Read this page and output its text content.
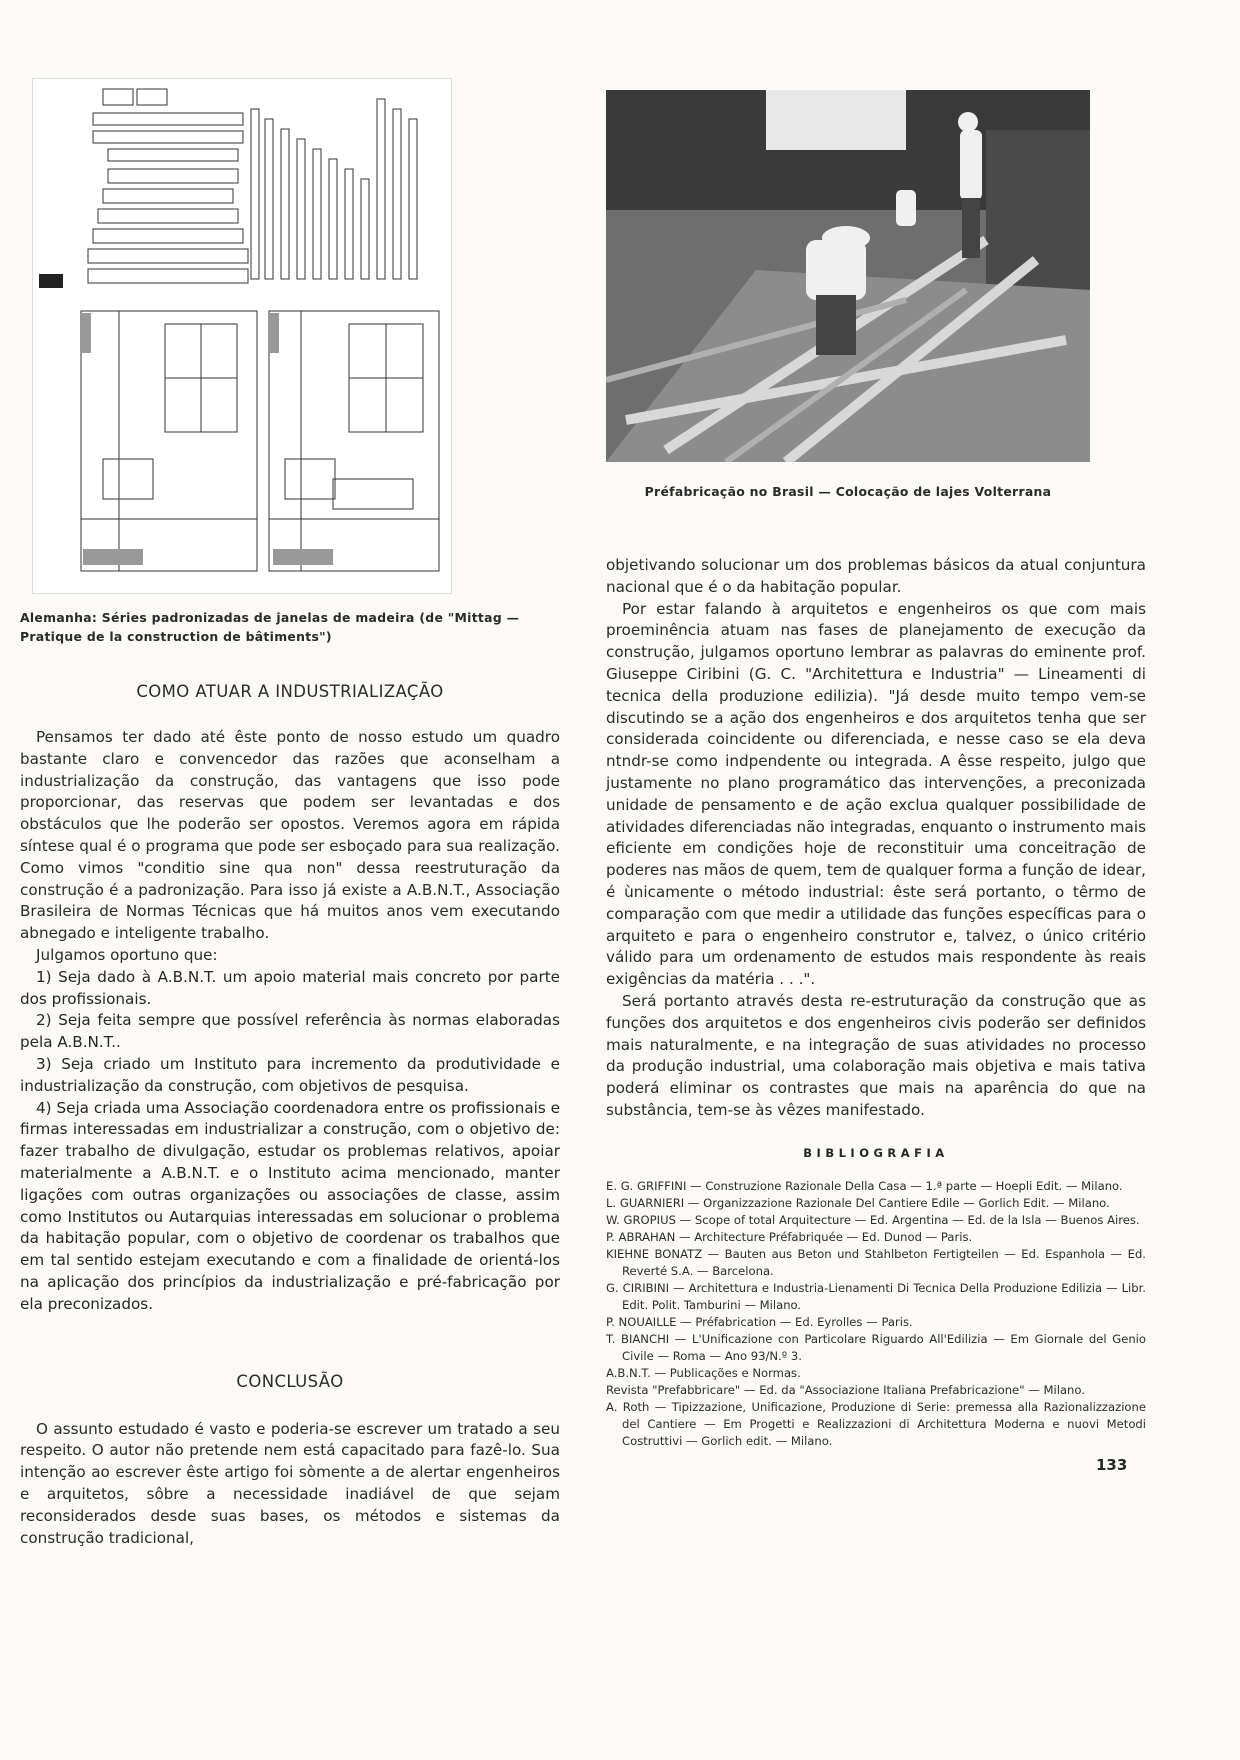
Alemanha: Séries padronizadas de janelas de madeira (de "Mittag — Pratique de la construction de bâtiments")
COMO ATUAR A INDUSTRIALIZAÇÃO

Pensamos ter dado até êste ponto de nosso estudo um quadro bastante claro e convencedor das razões que aconselham a industrialização da construção, das vantagens que isso pode proporcionar, das reservas que podem ser levantadas e dos obstáculos que lhe poderão ser opostos. Veremos agora em rápida síntese qual é o programa que pode ser esboçado para sua realização. Como vimos "conditio sine qua non" dessa reestruturação da construção é a padronização. Para isso já existe a A.B.N.T., Associação Brasileira de Normas Técnicas que há muitos anos vem executando abnegado e inteligente trabalho.

Julgamos oportuno que:

1) Seja dado à A.B.N.T. um apoio material mais concreto por parte dos profissionais.

2) Seja feita sempre que possível referência às normas elaboradas pela A.B.N.T..

3) Seja criado um Instituto para incremento da produtividade e industrialização da construção, com objetivos de pesquisa.

4) Seja criada uma Associação coordenadora entre os profissionais e firmas interessadas em industrializar a construção, com o objetivo de: fazer trabalho de divulgação, estudar os problemas relativos, apoiar materialmente a A.B.N.T. e o Instituto acima mencionado, manter ligações com outras organizações ou associações de classe, assim como Institutos ou Autarquias interessadas em solucionar o problema da habitação popular, com o objetivo de coordenar os trabalhos que em tal sentido estejam executando e com a finalidade de orientá-los na aplicação dos princípios da industrialização e pré-fabricação por ela preconizados.

CONCLUSÃO

O assunto estudado é vasto e poderia-se escrever um tratado a seu respeito. O autor não pretende nem está capacitado para fazê-lo. Sua intenção ao escrever êste artigo foi sòmente a de alertar engenheiros e arquitetos, sôbre a necessidade inadiável de que sejam reconsiderados desde suas bases, os métodos e sistemas da construção tradicional,

Préfabricação no Brasil — Colocação de lajes Volterrana

objetivando solucionar um dos problemas básicos da atual conjuntura nacional que é o da habitação popular.

Por estar falando à arquitetos e engenheiros os que com mais proeminência atuam nas fases de planejamento de execução da construção, julgamos oportuno lembrar as palavras do eminente prof. Giuseppe Ciribini (G. C. "Architettura e Industria" — Lineamenti di tecnica della produzione edilizia). "Já desde muito tempo vem-se discutindo se a ação dos engenheiros e dos arquitetos tenha que ser considerada coincidente ou diferenciada, e nesse caso se ela deva ntndr-se como indpendente ou integrada. A êsse respeito, julgo que justamente no plano programático das intervenções, a preconizada unidade de pensamento e de ação exclua qualquer possibilidade de atividades diferenciadas não integradas, enquanto o instrumento mais eficiente em condições hoje de reconstituir uma conceitração de poderes nas mãos de quem, tem de qualquer forma a função de idear, é ùnicamente o método industrial: êste será portanto, o têrmo de comparação com que medir a utilidade das funções específicas para o arquiteto e para o engenheiro construtor e, talvez, o único critério válido para um ordenamento de estudos mais respondente às reais exigências da matéria . . .".

Será portanto através desta re-estruturação da construção que as funções dos arquitetos e dos engenheiros civis poderão ser definidos mais naturalmente, e na integração de suas atividades no processo da produção industrial, uma colaboração mais objetiva e mais tativa poderá eliminar os contrastes que mais na aparência do que na substância, tem-se às vêzes manifestado.

BIBLIOGRAFIA

E. G. GRIFFINI — Construzione Razionale Della Casa — 1.ª parte — Hoepli Edit. — Milano.

L. GUARNIERI — Organizzazione Razionale Del Cantiere Edile — Gorlich Edit. — Milano.

W. GROPIUS — Scope of total Arquitecture — Ed. Argentina — Ed. de la Isla — Buenos Aires.

P. ABRAHAN — Architecture Préfabriquée — Ed. Dunod — Paris.

KIEHNE BONATZ — Bauten aus Beton und Stahlbeton Fertigteilen — Ed. Espanhola — Ed. Reverté S.A. — Barcelona.

G. CIRIBINI — Architettura e Industria-Lienamenti Di Tecnica Della Produzione Edilizia — Libr. Edit. Polit. Tamburini — Milano.

P. NOUAILLE — Préfabrication — Ed. Eyrolles — Paris.

T. BIANCHI — L'Unificazione con Particolare Riguardo All'Edilizia — Em Giornale del Genio Civile — Roma — Ano 93/N.º 3.

A.B.N.T. — Publicações e Normas.

Revista "Prefabbricare" — Ed. da "Associazione Italiana Prefabricazione" — Milano.

A. Roth — Tipizzazione, Unificazione, Produzione di Serie: premessa alla Razionalizzazione del Cantiere — Em Progetti e Realizzazioni di Architettura Moderna e nuovi Metodi Costruttivi — Gorlich edit. — Milano.

133
